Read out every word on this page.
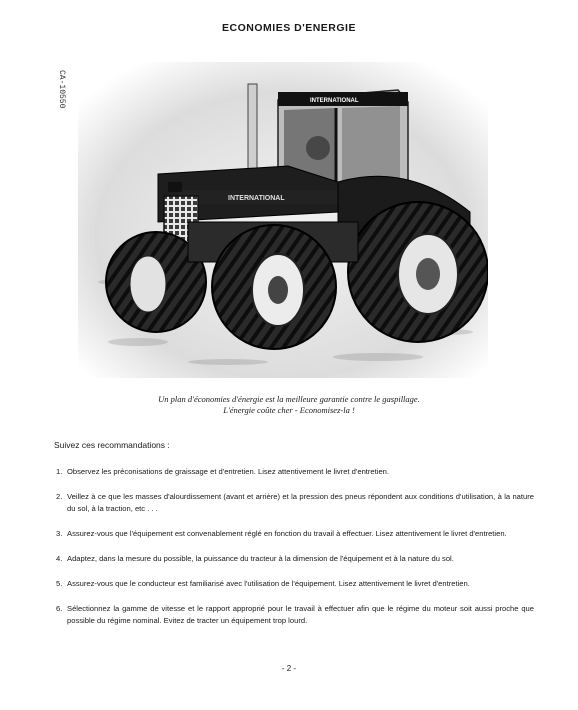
ECONOMIES D'ENERGIE
CA-10550	INTERNATIONAL
INTERNATIONAL
Un plan d'économies d'énergie est la meilleure garantie contre le gaspillage.
L'énergie coûte cher - Economisez-la !
Suivez ces recommandations :
1. Observez les préconisations de graissage et d'entretien. Lisez attentivement le livret d'entretien.
2. Veillez à ce que les masses d'alourdissement (avant et arrière) et la pression des pneus répondent aux conditions d'utilisation, à la nature du sol, à la traction, etc . . .
3. Assurez-vous que l'équipement est convenablement réglé en fonction du travail à effectuer. Lisez attentivement le livret d'entretien.
4. Adaptez, dans la mesure du possible, la puissance du tracteur à la dimension de l'équipement et à la nature du sol.
5. Assurez-vous que le conducteur est familiarisé avec l'utilisation de l'équipement. Lisez attentivement le livret d'entretien.
6. Sélectionnez la gamme de vitesse et le rapport approprié pour le travail à effectuer afin que le régime du moteur soit aussi proche que possible du régime nominal. Evitez de tracter un équipement trop lourd.
- 2 -
